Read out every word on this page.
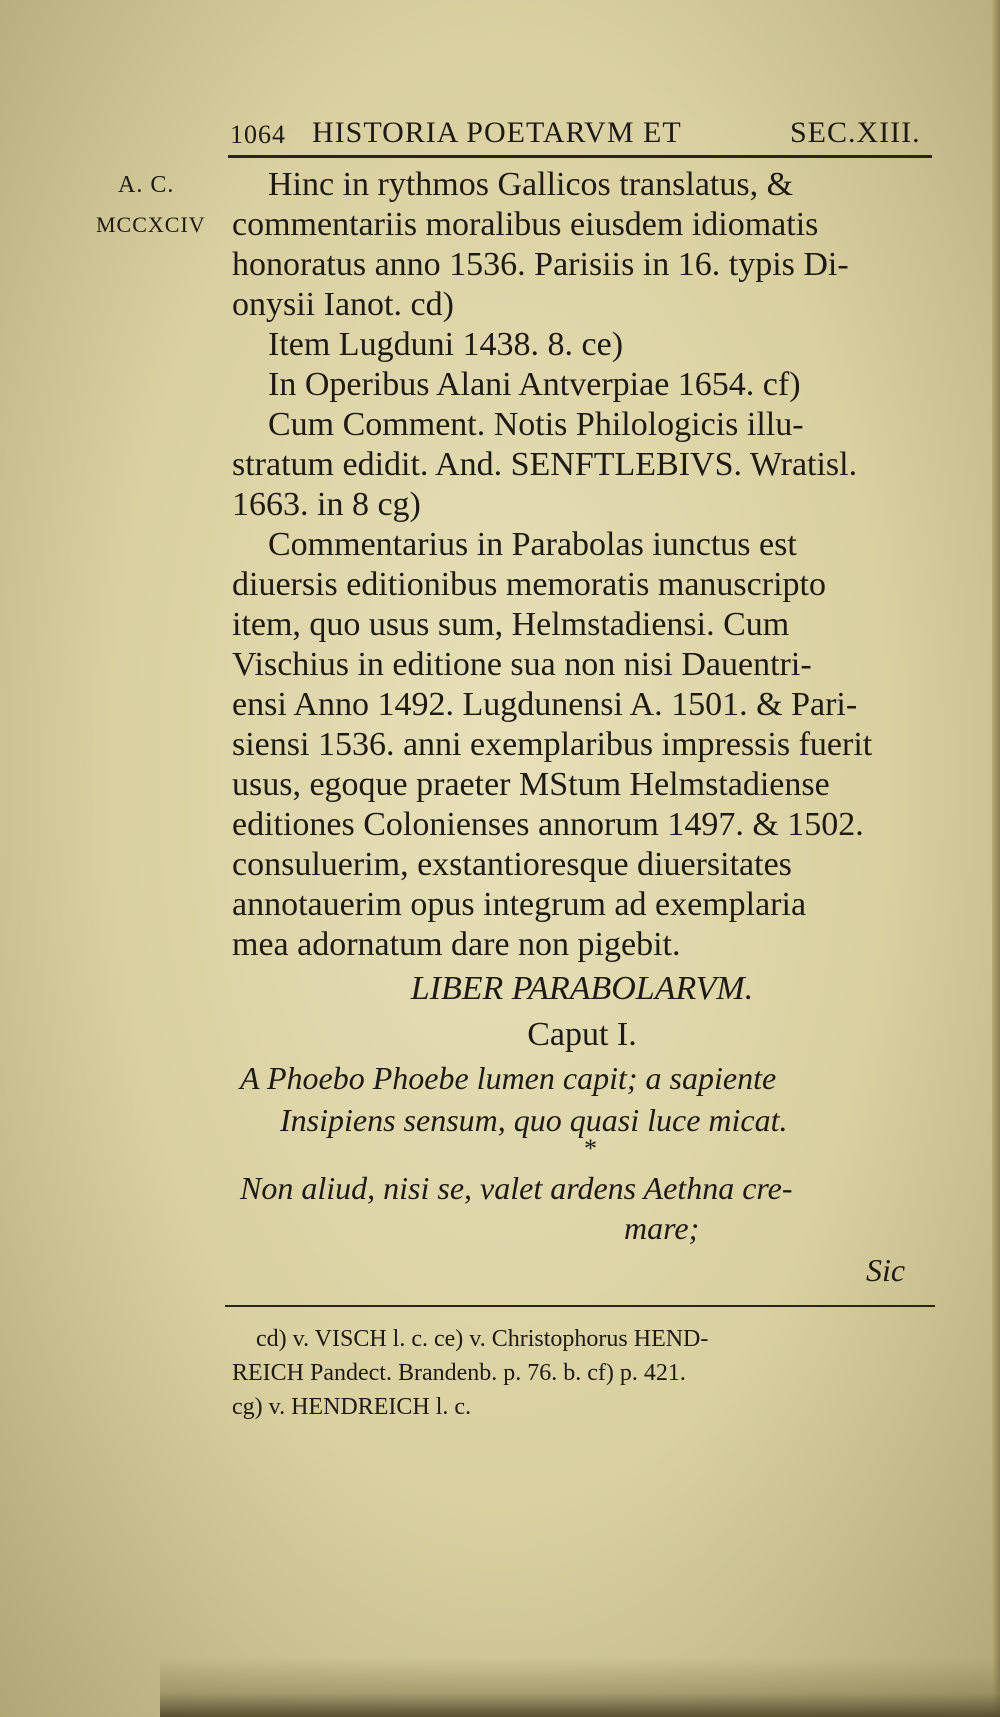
1064 HISTORIA POETARVM ET	SEC.XIII.
A. C.
MCCXCIV
Hinc in rythmos Gallicos translatus, &
commentariis moralibus eiusdem idiomatis
honoratus anno 1536. Parisiis in 16. typis Di-
onysii Ianot. cd)
Item Lugduni 1438. 8. ce)
In Operibus Alani Antverpiae 1654. cf)
Cum Comment. Notis Philologicis illu-
stratum edidit. And. SENFTLEBIVS. Wratisl.
1663. in 8 cg)
Commentarius in Parabolas iunctus est
diuersis editionibus memoratis manuscripto
item, quo usus sum, Helmstadiensi. Cum
Vischius in editione sua non nisi Dauentri-
ensi Anno 1492. Lugdunensi A. 1501. & Pari-
siensi 1536. anni exemplaribus impressis fuerit
usus, egoque praeter MStum Helmstadiense
editiones Colonienses annorum 1497. & 1502.
consuluerim, exstantioresque diuersitates
annotauerim opus integrum ad exemplaria
mea adornatum dare non pigebit.
LIBER PARABOLARVM.
Caput I.
A Phoebo Phoebe lumen capit; a sapiente
Insipiens sensum, quo quasi luce micat.
*
Non aliud, nisi se, valet ardens Aethna cre-
mare;
Sic
cd) v. VISCH l. c. ce) v. Christophorus HEND-
REICH Pandect. Brandenb. p. 76. b. cf) p. 421.
cg) v. HENDREICH l. c.
